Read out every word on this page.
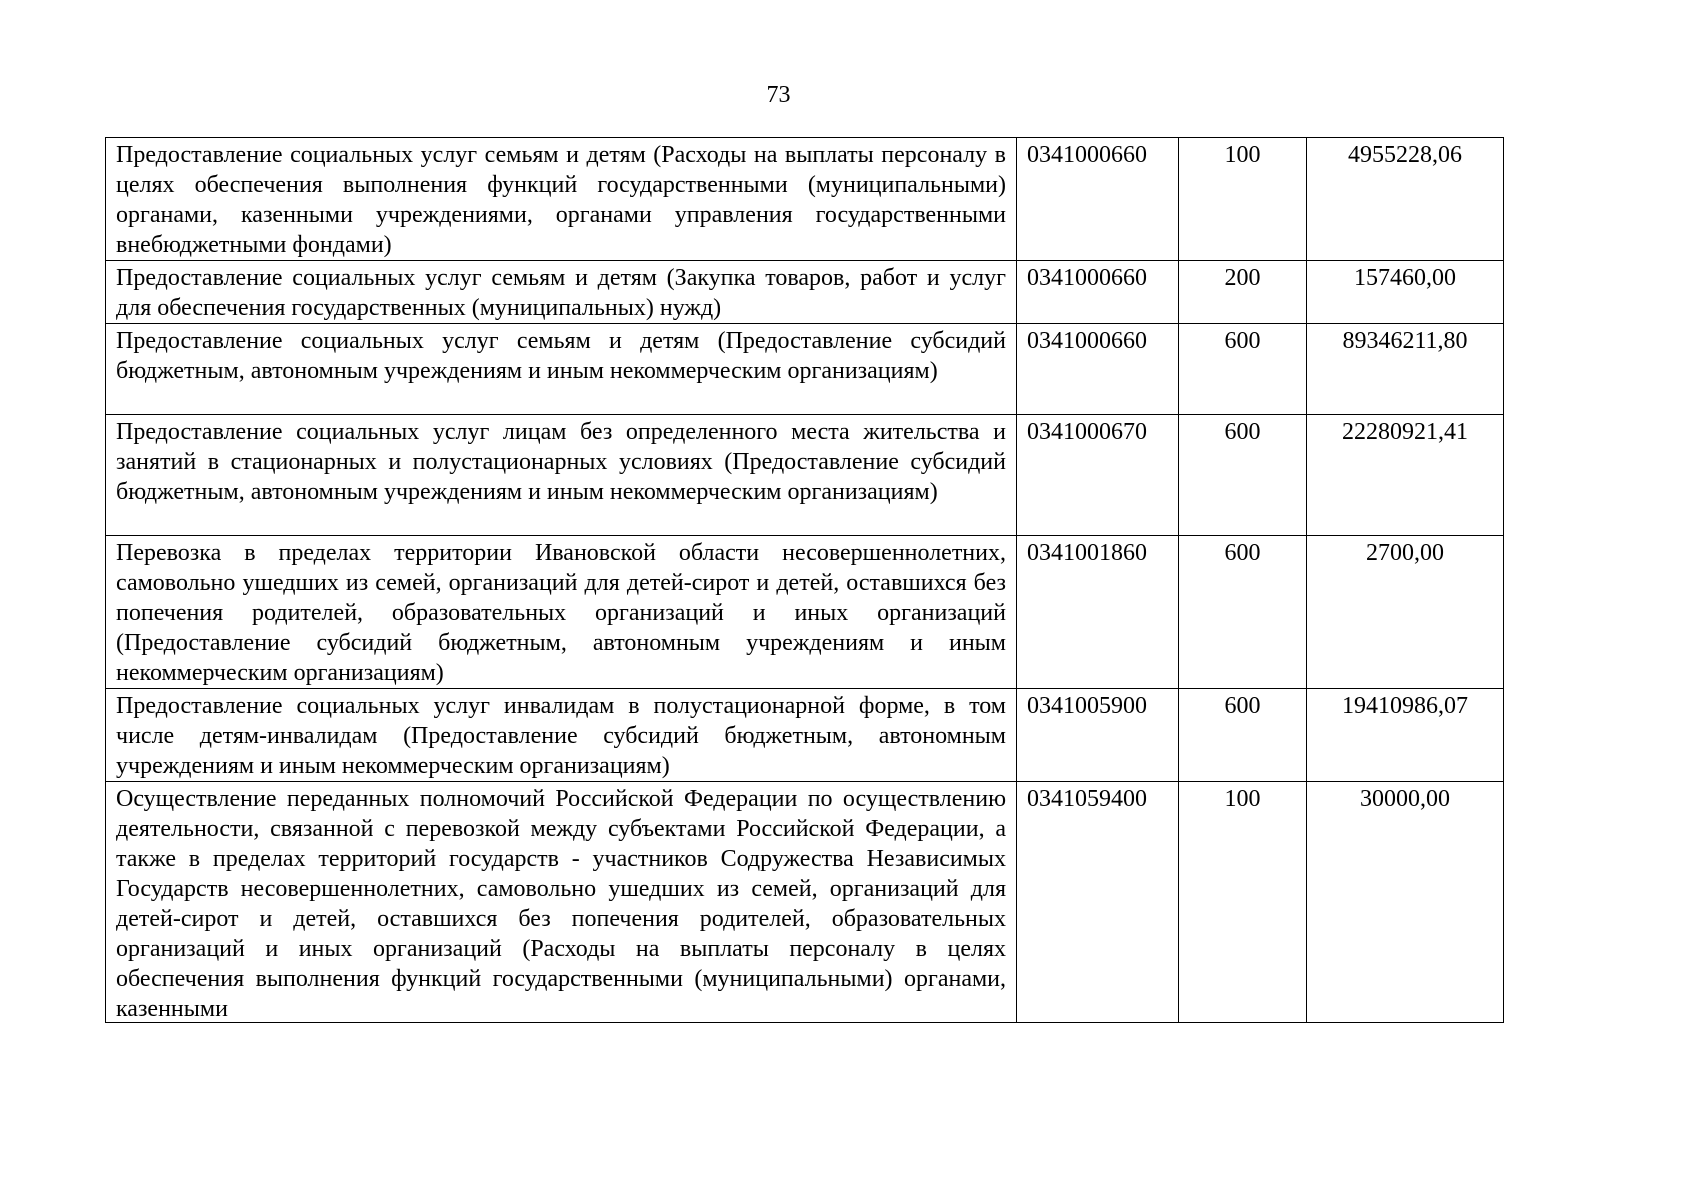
73
Предоставление социальных услуг семьям и детям (Расходы на выплаты персоналу в целях обеспечения выполнения функций государственными (муниципальными) органами, казенными учреждениями, органами управления государственными внебюджетными фондами)	0341000660	100	4955228,06
Предоставление социальных услуг семьям и детям (Закупка товаров, работ и услуг для обеспечения государственных (муниципальных) нужд)	0341000660	200	157460,00
Предоставление социальных услуг семьям и детям (Предоставление субсидий бюджетным, автономным учреждениям и иным некоммерческим организациям)	0341000660	600	89346211,80
Предоставление социальных услуг лицам без определенного места жительства и занятий в стационарных и полустационарных условиях (Предоставление субсидий бюджетным, автономным учреждениям и иным некоммерческим организациям)	0341000670	600	22280921,41
Перевозка в пределах территории Ивановской области несовершеннолетних, самовольно ушедших из семей, организаций для детей-сирот и детей, оставшихся без попечения родителей, образовательных организаций и иных организаций (Предоставление субсидий бюджетным, автономным учреждениям и иным некоммерческим организациям)	0341001860	600	2700,00
Предоставление социальных услуг инвалидам в полустационарной форме, в том числе детям-инвалидам (Предоставление субсидий бюджетным, автономным учреждениям и иным некоммерческим организациям)	0341005900	600	19410986,07

Осуществление переданных полномочий Российской Федерации по осуществлению деятельности, связанной с перевозкой между субъектами Российской Федерации, а также в пределах территорий государств - участников Содружества Независимых Государств несовершеннолетних, самовольно ушедших из семей, организаций для детей-сирот и детей, оставшихся без попечения родителей, образовательных организаций и иных организаций (Расходы на выплаты персоналу в целях обеспечения выполнения функций государственными (муниципальными) органами, казенными	0341059400	100	30000,00
